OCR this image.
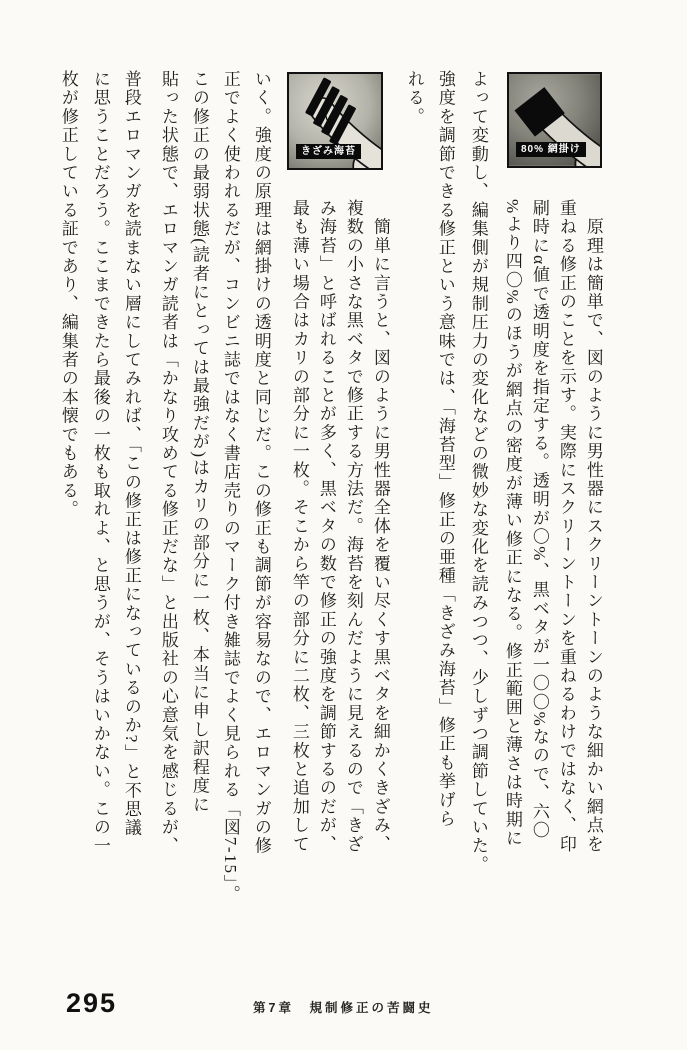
80% 網掛け
きざみ海苔
　原理は簡単で、図のように男性器にスクリーントーンのような細かい網点を
重ねる修正のことを示す。実際にスクリーントーンを重ねるわけではなく、印
刷時にα値で透明度を指定する。透明が〇%、黒ベタが一〇〇%なので、六〇
%より四〇%のほうが網点の密度が薄い修正になる。修正範囲と薄さは時期に
よって変動し、編集側が規制圧力の変化などの微妙な変化を読みつつ、少しずつ調節していた。
強度を調節できる修正という意味では、「海苔型」修正の亜種「きざみ海苔」修正も挙げら
れる。
　簡単に言うと、図のように男性器全体を覆い尽くす黒ベタを細かくきざみ、
複数の小さな黒ベタで修正する方法だ。海苔を刻んだように見えるので「きざ
み海苔」と呼ばれることが多く、黒ベタの数で修正の強度を調節するのだが、
最も薄い場合はカリの部分に一枚。そこから竿の部分に二枚、三枚と追加して
いく。強度の原理は網掛けの透明度と同じだ。この修正も調節が容易なので、エロマンガの修
正でよく使われるだが、コンビニ誌ではなく書店売りのマーク付き雑誌でよく見られる「図7-15」。
この修正の最弱状態(読者にとっては最強だが)はカリの部分に一枚、本当に申し訳程度に
貼った状態で、エロマンガ読者は「かなり攻めてる修正だな」と出版社の心意気を感じるが、
普段エロマンガを読まない層にしてみれば、「この修正は修正になっているのか?」と不思議
に思うことだろう。ここまできたら最後の一枚も取れよ、と思うが、そうはいかない。この一
枚が修正している証であり、編集者の本懐でもある。
295	第7章　規制修正の苦闘史
